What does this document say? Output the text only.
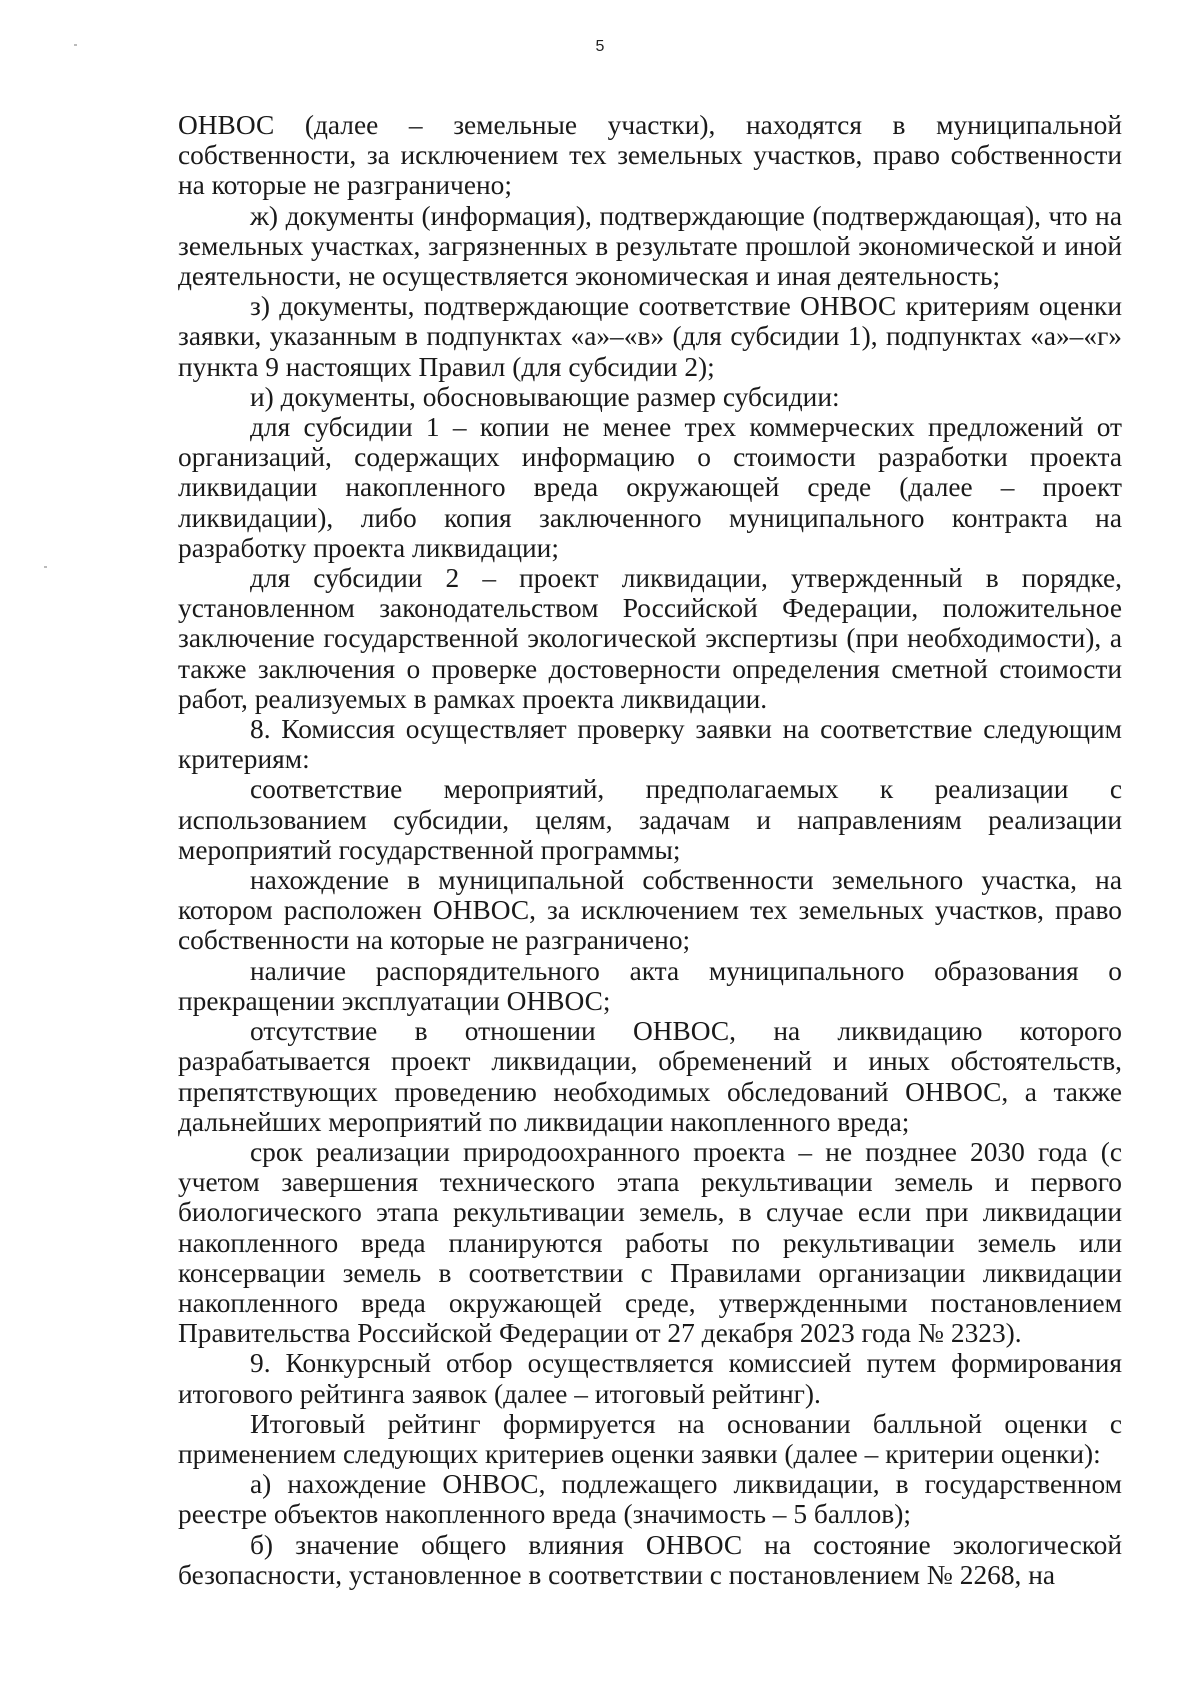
5

ОНВОС (далее – земельные участки), находятся в муниципальной собственности, за исключением тех земельных участков, право собственности на которые не разграничено;

ж) документы (информация), подтверждающие (подтверждающая), что на земельных участках, загрязненных в результате прошлой экономической и иной деятельности, не осуществляется экономическая и иная деятельность;

з) документы, подтверждающие соответствие ОНВОС критериям оценки заявки, указанным в подпунктах «а»–«в» (для субсидии 1), подпунктах «а»–«г» пункта 9 настоящих Правил (для субсидии 2);

и) документы, обосновывающие размер субсидии:

для субсидии 1 – копии не менее трех коммерческих предложений от организаций, содержащих информацию о стоимости разработки проекта ликвидации накопленного вреда окружающей среде (далее – проект ликвидации), либо копия заключенного муниципального контракта на разработку проекта ликвидации;

для субсидии 2 – проект ликвидации, утвержденный в порядке, установленном законодательством Российской Федерации, положительное заключение государственной экологической экспертизы (при необходимости), а также заключения о проверке достоверности определения сметной стоимости работ, реализуемых в рамках проекта ликвидации.

8. Комиссия осуществляет проверку заявки на соответствие следующим критериям:

соответствие мероприятий, предполагаемых к реализации с использованием субсидии, целям, задачам и направлениям реализации мероприятий государственной программы;

нахождение в муниципальной собственности земельного участка, на котором расположен ОНВОС, за исключением тех земельных участков, право собственности на которые не разграничено;

наличие распорядительного акта муниципального образования о прекращении эксплуатации ОНВОС;

отсутствие в отношении ОНВОС, на ликвидацию которого разрабатывается проект ликвидации, обременений и иных обстоятельств, препятствующих проведению необходимых обследований ОНВОС, а также дальнейших мероприятий по ликвидации накопленного вреда;

срок реализации природоохранного проекта – не позднее 2030 года (с учетом завершения технического этапа рекультивации земель и первого биологического этапа рекультивации земель, в случае если при ликвидации накопленного вреда планируются работы по рекультивации земель или консервации земель в соответствии с Правилами организации ликвидации накопленного вреда окружающей среде, утвержденными постановлением Правительства Российской Федерации от 27 декабря 2023 года № 2323).

9. Конкурсный отбор осуществляется комиссией путем формирования итогового рейтинга заявок (далее – итоговый рейтинг).

Итоговый рейтинг формируется на основании балльной оценки с применением следующих критериев оценки заявки (далее – критерии оценки):

а) нахождение ОНВОС, подлежащего ликвидации, в государственном реестре объектов накопленного вреда (значимость – 5 баллов);

б) значение общего влияния ОНВОС на состояние экологической безопасности, установленное в соответствии с постановлением № 2268, на
